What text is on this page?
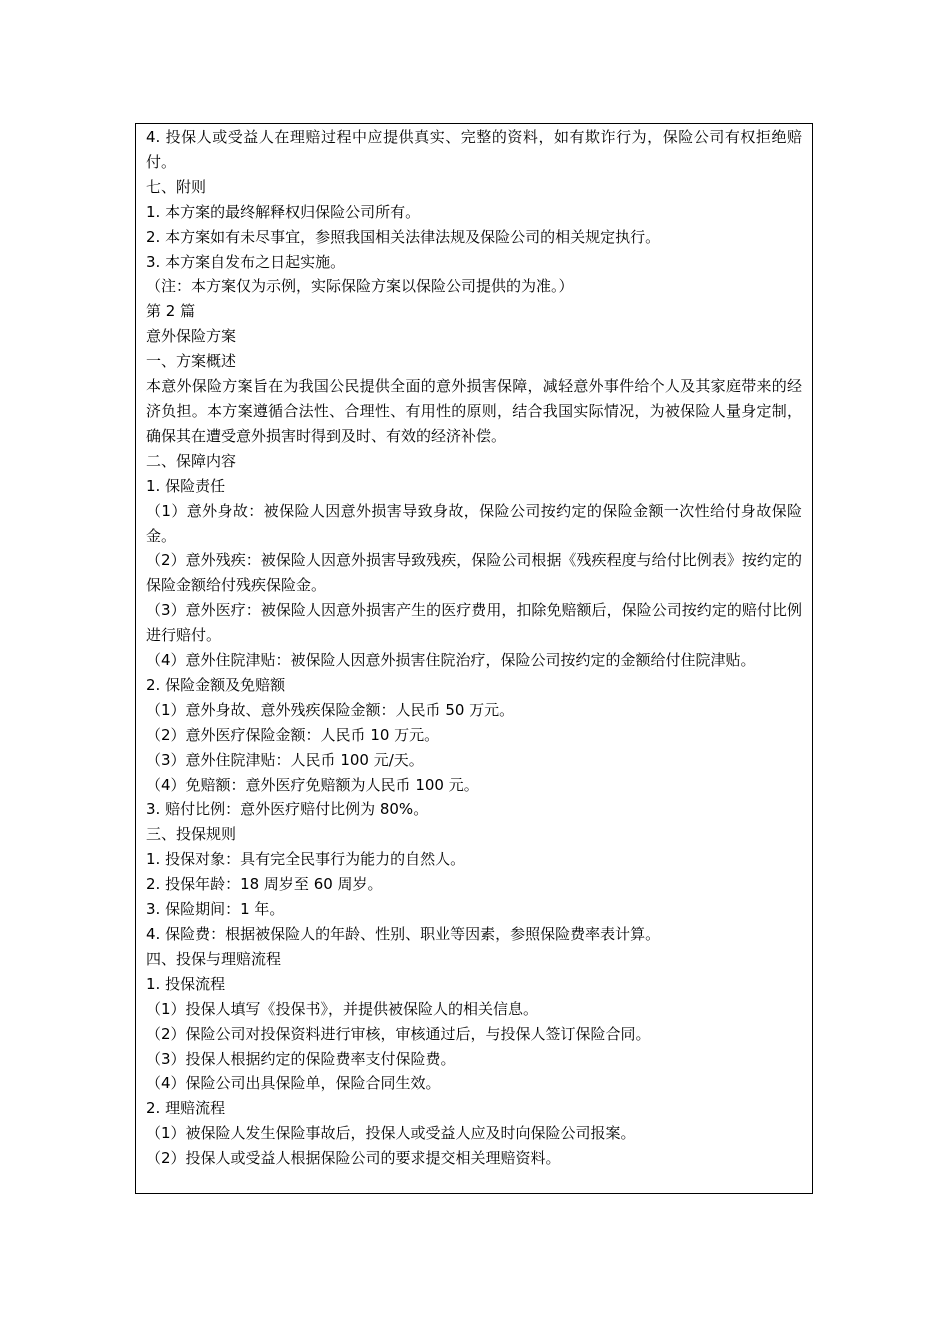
4. 投保人或受益人在理赔过程中应提供真实、完整的资料，如有欺诈行为，保险公司有权拒绝赔付。

七、附则

1. 本方案的最终解释权归保险公司所有。

2. 本方案如有未尽事宜，参照我国相关法律法规及保险公司的相关规定执行。

3. 本方案自发布之日起实施。

（注：本方案仅为示例，实际保险方案以保险公司提供的为准。）

第 2 篇

意外保险方案

一、方案概述

本意外保险方案旨在为我国公民提供全面的意外损害保障，减轻意外事件给个人及其家庭带来的经济负担。本方案遵循合法性、合理性、有用性的原则，结合我国实际情况，为被保险人量身定制，确保其在遭受意外损害时得到及时、有效的经济补偿。

二、保障内容

1. 保险责任

（1）意外身故：被保险人因意外损害导致身故，保险公司按约定的保险金额一次性给付身故保险金。

（2）意外残疾：被保险人因意外损害导致残疾，保险公司根据《残疾程度与给付比例表》按约定的保险金额给付残疾保险金。

（3）意外医疗：被保险人因意外损害产生的医疗费用，扣除免赔额后，保险公司按约定的赔付比例进行赔付。

（4）意外住院津贴：被保险人因意外损害住院治疗，保险公司按约定的金额给付住院津贴。

2. 保险金额及免赔额

（1）意外身故、意外残疾保险金额：人民币 50 万元。

（2）意外医疗保险金额：人民币 10 万元。

（3）意外住院津贴：人民币 100 元/天。

（4）免赔额：意外医疗免赔额为人民币 100 元。

3. 赔付比例：意外医疗赔付比例为 80%。

三、投保规则

1. 投保对象：具有完全民事行为能力的自然人。

2. 投保年龄：18 周岁至 60 周岁。

3. 保险期间：1 年。

4. 保险费：根据被保险人的年龄、性别、职业等因素，参照保险费率表计算。

四、投保与理赔流程

1. 投保流程

（1）投保人填写《投保书》，并提供被保险人的相关信息。

（2）保险公司对投保资料进行审核，审核通过后，与投保人签订保险合同。

（3）投保人根据约定的保险费率支付保险费。

（4）保险公司出具保险单，保险合同生效。

2. 理赔流程

（1）被保险人发生保险事故后，投保人或受益人应及时向保险公司报案。

（2）投保人或受益人根据保险公司的要求提交相关理赔资料。
